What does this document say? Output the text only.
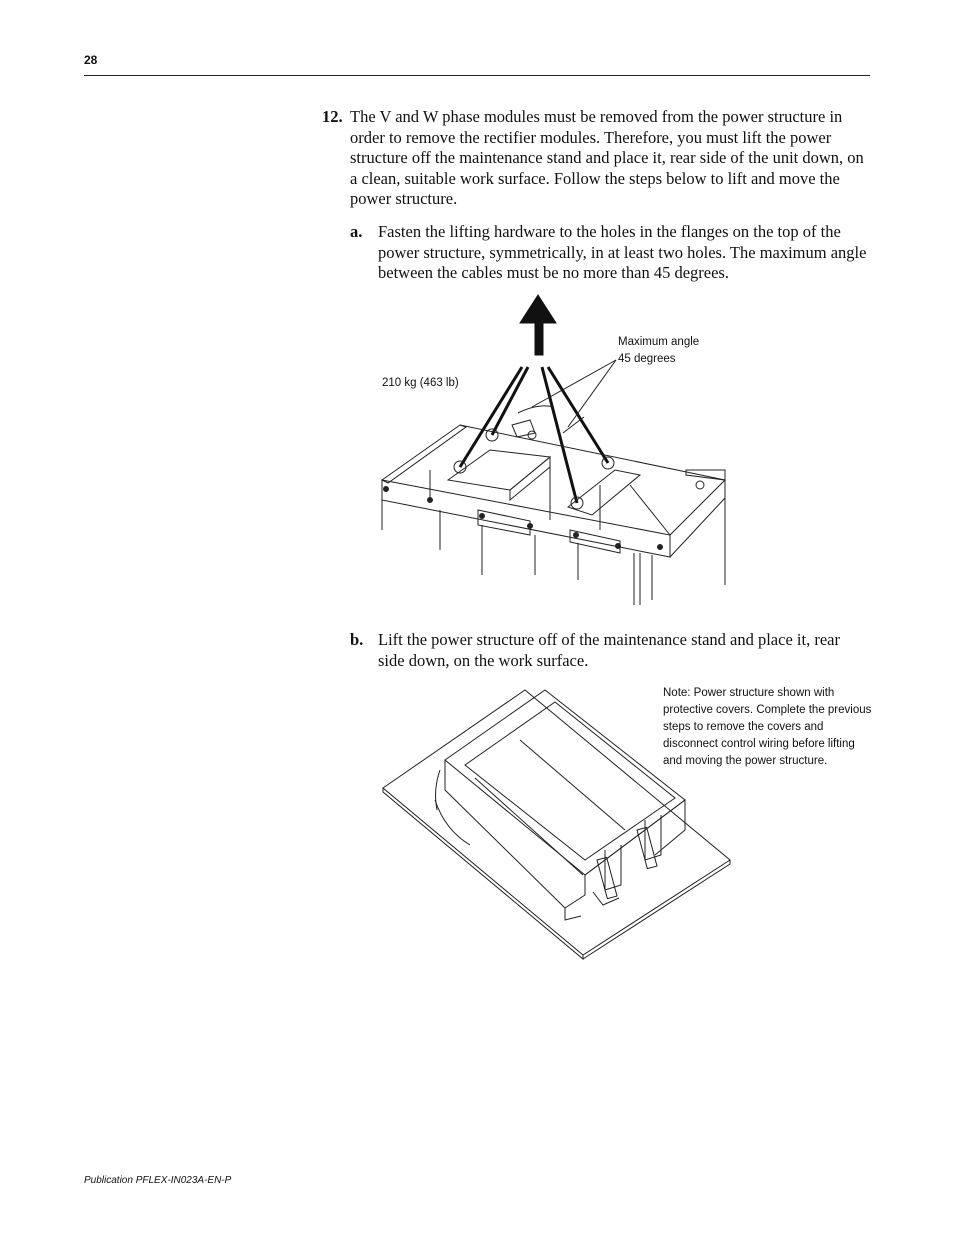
28
12. The V and W phase modules must be removed from the power structure in order to remove the rectifier modules. Therefore, you must lift the power structure off the maintenance stand and place it, rear side of the unit down, on a clean, suitable work surface. Follow the steps below to lift and move the power structure.
a. Fasten the lifting hardware to the holes in the flanges on the top of the power structure, symmetrically, in at least two holes. The maximum angle between the cables must be no more than 45 degrees.
210 kg (463 lb)
Maximum angle
45 degrees
b. Lift the power structure off of the maintenance stand and place it, rear side down, on the work surface.
Note: Power structure shown with protective covers. Complete the previous steps to remove the covers and disconnect control wiring before lifting and moving the power structure.
Publication PFLEX-IN023A-EN-P
